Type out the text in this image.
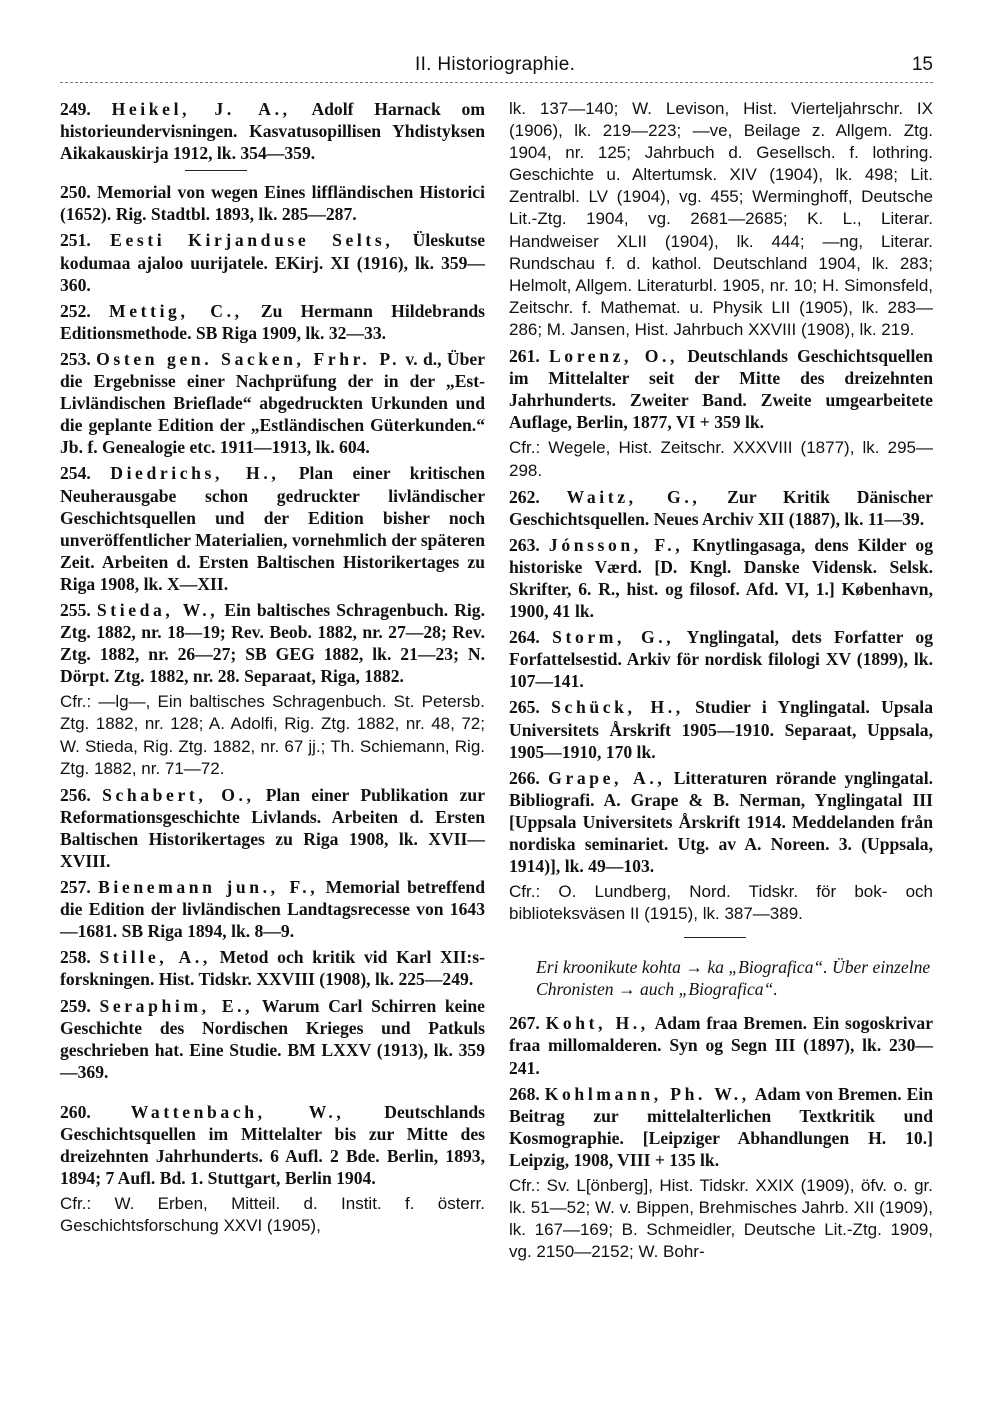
II. Historiographie.	15

249. Heikel, J. A., Adolf Harnack om historieundervisningen. Kasvatusopillisen Yhdistyksen Aikakauskirja 1912, lk. 354—359.

250. Memorial von wegen Eines liffländischen Historici (1652). Rig. Stadtbl. 1893, lk. 285—287.

251. Eesti Kirjanduse Selts, Üleskutse kodumaa ajaloo uurijatele. EKirj. XI (1916), lk. 359—360.

252. Mettig, C., Zu Hermann Hildebrands Editionsmethode. SB Riga 1909, lk. 32—33.

253. Osten gen. Sacken, Frhr. P. v. d., Über die Ergebnisse einer Nachprüfung der in der „Est-Livländischen Brieflade“ abgedruckten Urkunden und die geplante Edition der „Estländischen Güterkunden.“ Jb. f. Genealogie etc. 1911—1913, lk. 604.

254. Diedrichs, H., Plan einer kritischen Neuherausgabe schon gedruckter livländischer Geschichtsquellen und der Edition bisher noch unveröffentlicher Materialien, vornehmlich der späteren Zeit. Arbeiten d. Ersten Baltischen Historikertages zu Riga 1908, lk. X—XII.

255. Stieda, W., Ein baltisches Schragenbuch. Rig. Ztg. 1882, nr. 18—19; Rev. Beob. 1882, nr. 27—28; Rev. Ztg. 1882, nr. 26—27; SB GEG 1882, lk. 21—23; N. Dörpt. Ztg. 1882, nr. 28. Separaat, Riga, 1882.

Cfr.: —lg—, Ein baltisches Schragenbuch. St. Petersb. Ztg. 1882, nr. 128; A. Adolfi, Rig. Ztg. 1882, nr. 48, 72; W. Stieda, Rig. Ztg. 1882, nr. 67 jj.; Th. Schiemann, Rig. Ztg. 1882, nr. 71—72.

256. Schabert, O., Plan einer Publikation zur Reformationsgeschichte Livlands. Arbeiten d. Ersten Baltischen Historikertages zu Riga 1908, lk. XVII—XVIII.

257. Bienemann jun., F., Memorial betreffend die Edition der livländischen Landtagsrecesse von 1643—1681. SB Riga 1894, lk. 8—9.

258. Stille, A., Metod och kritik vid Karl XII:s-forskningen. Hist. Tidskr. XXVIII (1908), lk. 225—249.

259. Seraphim, E., Warum Carl Schirren keine Geschichte des Nordischen Krieges und Patkuls geschrieben hat. Eine Studie. BM LXXV (1913), lk. 359—369.

260. Wattenbach, W., Deutschlands Geschichtsquellen im Mittelalter bis zur Mitte des dreizehnten Jahrhunderts. 6 Aufl. 2 Bde. Berlin, 1893, 1894; 7 Aufl. Bd. 1. Stuttgart, Berlin 1904.

Cfr.: W. Erben, Mitteil. d. Instit. f. österr. Geschichtsforschung XXVI (1905),

lk. 137—140; W. Levison, Hist. Vierteljahrschr. IX (1906), lk. 219—223; —ve, Beilage z. Allgem. Ztg. 1904, nr. 125; Jahrbuch d. Gesellsch. f. lothring. Geschichte u. Altertumsk. XIV (1904), lk. 498; Lit. Zentralbl. LV (1904), vg. 455; Werminghoff, Deutsche Lit.-Ztg. 1904, vg. 2681—2685; K. L., Literar. Handweiser XLII (1904), lk. 444; —ng, Literar. Rundschau f. d. kathol. Deutschland 1904, lk. 283; Helmolt, Allgem. Literaturbl. 1905, nr. 10; H. Simonsfeld, Zeitschr. f. Mathemat. u. Physik LII (1905), lk. 283—286; M. Jansen, Hist. Jahrbuch XXVIII (1908), lk. 219.

261. Lorenz, O., Deutschlands Geschichtsquellen im Mittelalter seit der Mitte des dreizehnten Jahrhunderts. Zweiter Band. Zweite umgearbeitete Auflage, Berlin, 1877, VI + 359 lk.

Cfr.: Wegele, Hist. Zeitschr. XXXVIII (1877), lk. 295—298.

262. Waitz, G., Zur Kritik Dänischer Geschichtsquellen. Neues Archiv XII (1887), lk. 11—39.

263. Jónsson, F., Knytlingasaga, dens Kilder og historiske Værd. [D. Kngl. Danske Vidensk. Selsk. Skrifter, 6. R., hist. og filosof. Afd. VI, 1.] København, 1900, 41 lk.

264. Storm, G., Ynglingatal, dets Forfatter og Forfattelsestid. Arkiv för nordisk filologi XV (1899), lk. 107—141.

265. Schück, H., Studier i Ynglingatal. Upsala Universitets Årskrift 1905—1910. Separaat, Uppsala, 1905—1910, 170 lk.

266. Grape, A., Litteraturen rörande ynglingatal. Bibliografi. A. Grape & B. Nerman, Ynglingatal III [Uppsala Universitets Årskrift 1914. Meddelanden från nordiska seminariet. Utg. av A. Noreen. 3. (Uppsala, 1914)], lk. 49—103.

Cfr.: O. Lundberg, Nord. Tidskr. för bok- och biblioteksväsen II (1915), lk. 387—389.

Eri kroonikute kohta → ka „Biografica“. Über einzelne Chronisten → auch „Biografica“.

267. Koht, H., Adam fraa Bremen. Ein sogoskrivar fraa millomalderen. Syn og Segn III (1897), lk. 230—241.

268. Kohlmann, Ph. W., Adam von Bremen. Ein Beitrag zur mittelalterlichen Textkritik und Kosmographie. [Leipziger Abhandlungen H. 10.] Leipzig, 1908, VIII + 135 lk.

Cfr.: Sv. L[önberg], Hist. Tidskr. XXIX (1909), öfv. o. gr. lk. 51—52; W. v. Bippen, Brehmisches Jahrb. XII (1909), lk. 167—169; B. Schmeidler, Deutsche Lit.-Ztg. 1909, vg. 2150—2152; W. Bohr-
